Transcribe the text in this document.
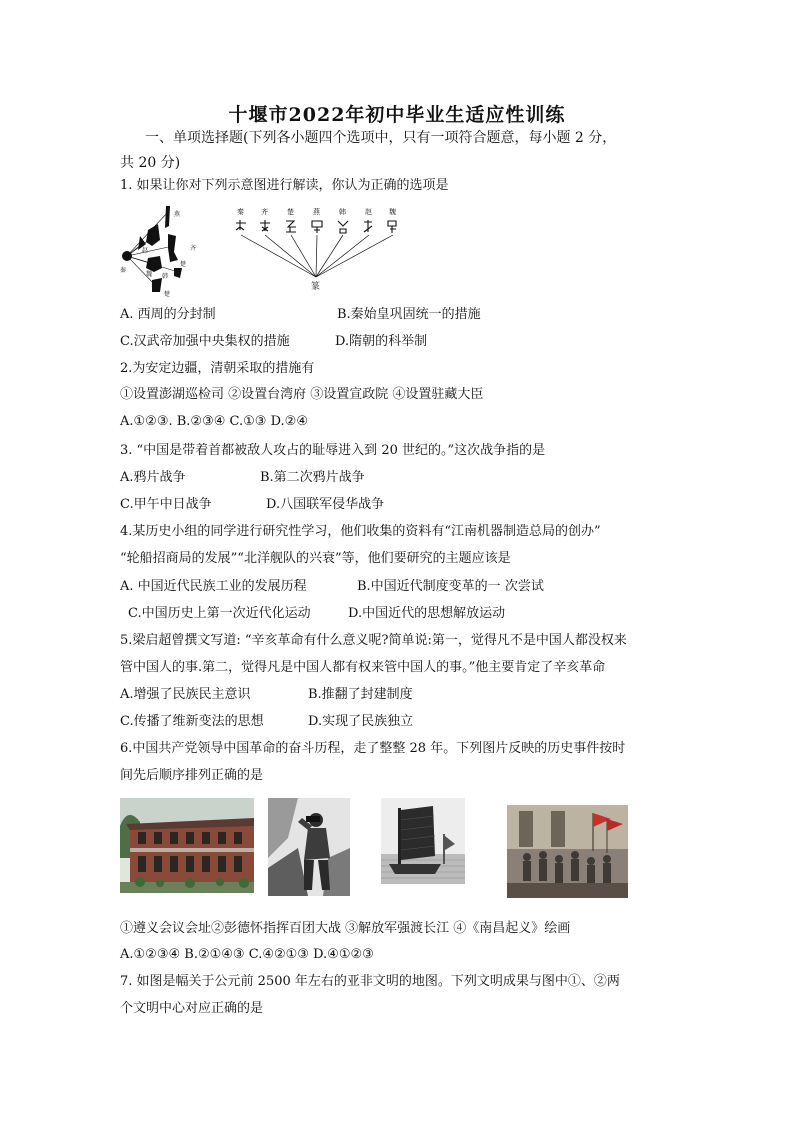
十堰市2022年初中毕业生适应性训练
一、单项选择题(下列各小题四个选项中，只有一项符合题意，每小题 2 分，
共 20 分)
1. 如果让你对下列示意图进行解读，你认为正确的选项是
燕
齐
秦
楚
韩
赵
魏
楚
秦 齐	楚	燕	韩	赵 魏
篆
A. 西周的分封制	B.秦始皇巩固统一的措施
C.汉武帝加强中央集权的措施	D.隋朝的科举制
2.为安定边疆，清朝采取的措施有
①设置澎湖巡检司 ②设置台湾府 ③设置宣政院 ④设置驻藏大臣
A.①②③. B.②③④ C.①③ D.②④
3. “中国是带着首都被敌人攻占的耻辱进入到 20 世纪的。”这次战争指的是
A.鸦片战争	B.第二次鸦片战争
C.甲午中日战争	D.八国联军侵华战争
4.某历史小组的同学进行研究性学习，他们收集的资料有“江南机器制造总局的创办”
“轮船招商局的发展”“北洋舰队的兴衰”等，他们要研究的主题应该是
A. 中国近代民族工业的发展历程	B.中国近代制度变革的一 次尝试
C.中国历史上第一次近代化运动	D.中国近代的思想解放运动
5.梁启超曾撰文写道: “辛亥革命有什么意义呢?简单说:第一，觉得凡不是中国人都没权来
管中国人的事.第二，觉得凡是中国人都有权来管中国人的事。”他主要肯定了辛亥革命
A.增强了民族民主意识	B.推翻了封建制度
C.传播了维新变法的思想	D.实现了民族独立
6.中国共产党领导中国革命的奋斗历程，走了整整 28 年。下列图片反映的历史事件按时
间先后顺序排列正确的是
①遵义会议会址②彭德怀指挥百团大战 ③解放军强渡长江 ④《南昌起义》绘画
A.①②③④ B.②①④③ C.④②①③ D.④①②③
7. 如图是幅关于公元前 2500 年左右的亚非文明的地图。下列文明成果与图中①、②两
个文明中心对应正确的是
